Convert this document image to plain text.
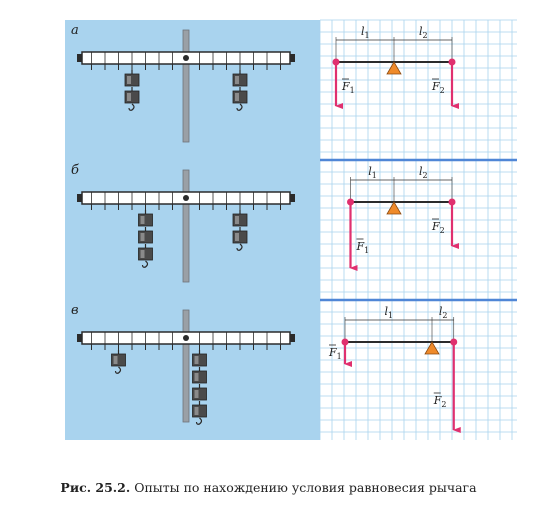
а	$l_1$	$l_2$
$F_1$	$F_2$
б	$l_1$	$l_2$
$F_1$
$F_2$
в	$l_1$	$l_2$
$F_1$
$F_2$
Рис. 25.2. Опыты по нахождению условия равновесия рычага
